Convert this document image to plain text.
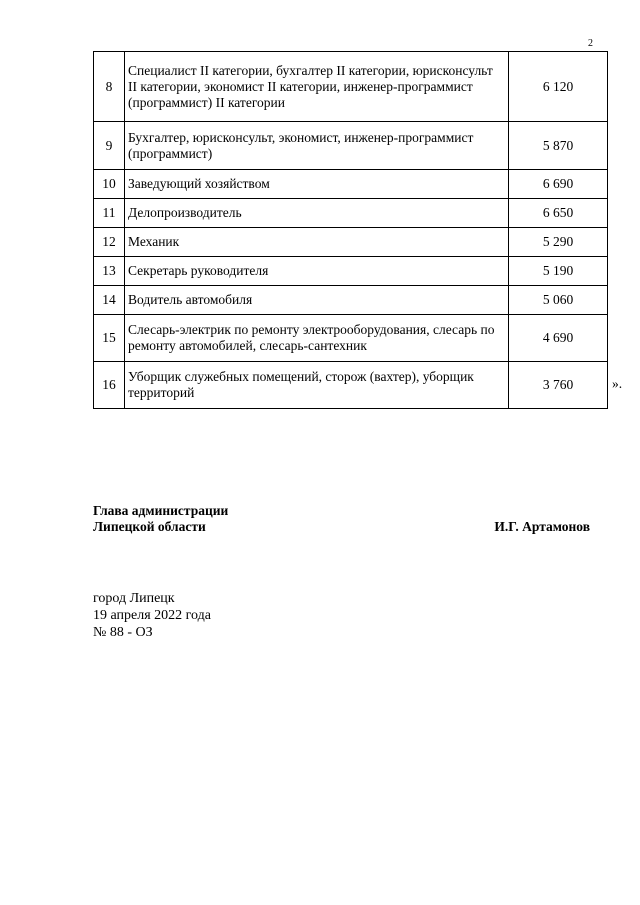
2
8	Специалист II категории, бухгалтер II категории, юрисконсульт II категории, экономист II категории, инженер-программист (программист) II категории	6 120
9	Бухгалтер, юрисконсульт, экономист, инженер-программист (программист)	5 870
10	Заведующий хозяйством	6 690
11	Делопроизводитель	6 650
12	Механик	5 290
13	Секретарь руководителя	5 190
14	Водитель автомобиля	5 060
15	Слесарь-электрик по ремонту электрооборудования, слесарь по ремонту автомобилей, слесарь-сантехник	4 690
16	Уборщик служебных помещений, сторож (вахтер), уборщик территорий	3 760	».
Глава администрации
Липецкой области	И.Г. Артамонов
город Липецк
19 апреля 2022 года
№ 88 - ОЗ
